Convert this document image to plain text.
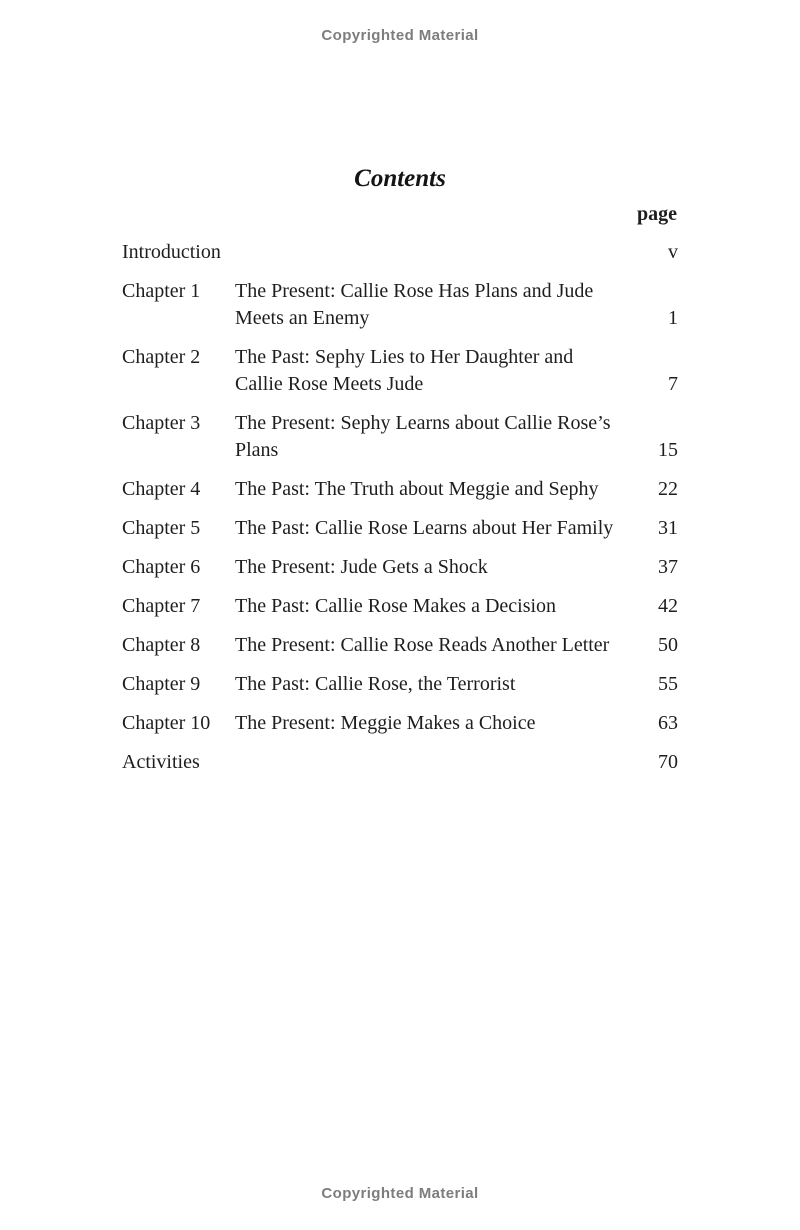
Copyrighted Material
Contents
page
Introduction	v
Chapter 1	The Present: Callie Rose Has Plans and Jude Meets an Enemy	1
Chapter 2	The Past: Sephy Lies to Her Daughter and Callie Rose Meets Jude	7
Chapter 3	The Present: Sephy Learns about Callie Rose’s Plans	15
Chapter 4	The Past: The Truth about Meggie and Sephy	22
Chapter 5	The Past: Callie Rose Learns about Her Family	31
Chapter 6	The Present: Jude Gets a Shock	37
Chapter 7	The Past: Callie Rose Makes a Decision	42
Chapter 8	The Present: Callie Rose Reads Another Letter	50
Chapter 9	The Past: Callie Rose, the Terrorist	55
Chapter 10	The Present: Meggie Makes a Choice	63
Activities	70
Copyrighted Material
